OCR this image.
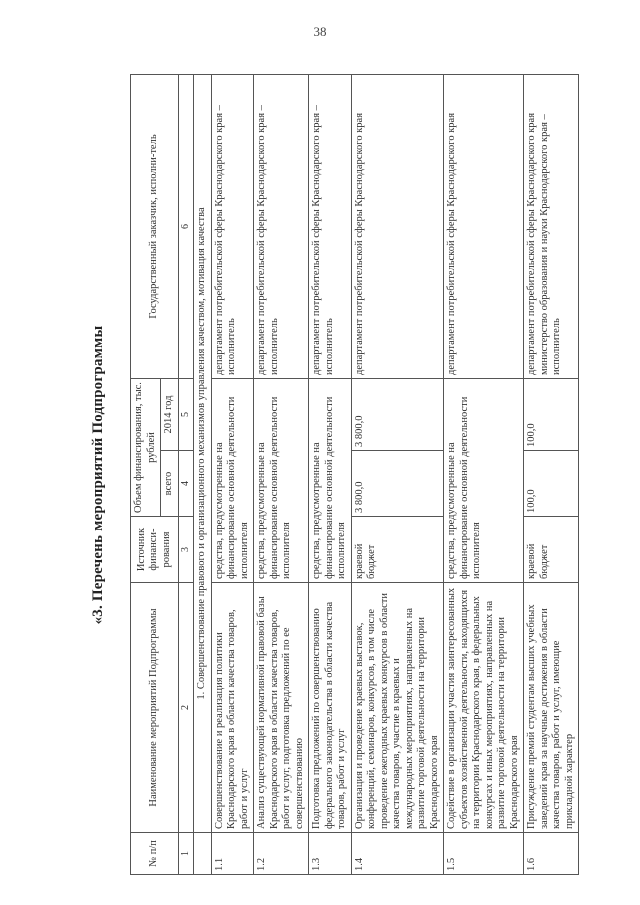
38
«3. Перечень мероприятий Подпрограммы
№ п/п	Наименование мероприятий Подпрограммы	Источник финанси-рования	Объем финансирования, тыс. рублей		Государственный заказчик, исполни-тель
			всего	2014 год	
1	2	3	4	5	6
	1. Совершенствование правового и организационного механизмов управления качеством, мотивация качества				
1.1	Совершенствование и реализация политики Краснодарского края в области качества товаров, работ и услуг	средства, предусмотренные на финансирование основной деятельности исполнителя			департамент потребительской сферы Краснодарского края – исполнитель
1.2	Анализ существующей нормативной правовой базы Краснодарского края в области качества товаров, работ и услуг, подготовка предложений по ее совершенствованию	средства, предусмотренные на финансирование основной деятельности исполнителя			департамент потребительской сферы Краснодарского края – исполнитель
1.3	Подготовка предложений по совершенствованию федерального законодательства в области качества товаров, работ и услуг	средства, предусмотренные на финансирование основной деятельности исполнителя			департамент потребительской сферы Краснодарского края – исполнитель
1.4	Организация и проведение краевых выставок, конференций, семинаров, конкурсов, в том числе проведение ежегодных краевых конкурсов в области качества товаров, участие в краевых и международных мероприятиях, направленных на развитие торговой деятельности на территории Краснодарского края	краевой бюджет	3 800,0	3 800,0	департамент потребительской сферы Краснодарского края
1.5	Содействие в организации участия заинтересованных субъектов хозяйственной деятельности, находящихся на территории Краснодарского края, в федеральных конкурсах и иных мероприятиях, направленных на развитие торговой деятельности на территории Краснодарского края	средства, предусмотренные на финансирование основной деятельности исполнителя			департамент потребительской сферы Краснодарского края
1.6	Присуждение премий студентам высших учебных заведений края за научные достижения в области качества товаров, работ и услуг, имеющие прикладной характер	краевой бюджет	100,0	100,0	департамент потребительской сферы Краснодарского края министерство образования и науки Краснодарского края – исполнитель
